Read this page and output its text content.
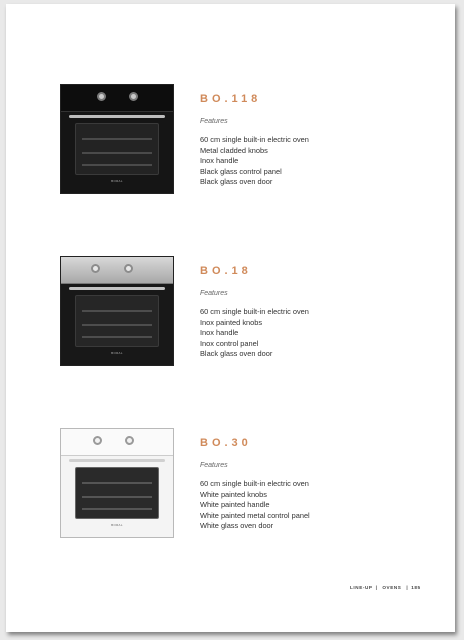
BORAL
BO.118
Features
60 cm single built-in electric oven
Metal cladded knobs
Inox handle
Black glass control panel
Black glass oven door
BORAL
BO.18
Features
60 cm single built-in electric oven
Inox painted knobs
Inox handle
Inox control panel
Black glass oven door
BORAL
BO.30
Features
60 cm single built-in electric oven
White painted knobs
White painted handle
White painted metal control panel
White glass oven door
LINE-UP | OVENS | 185
